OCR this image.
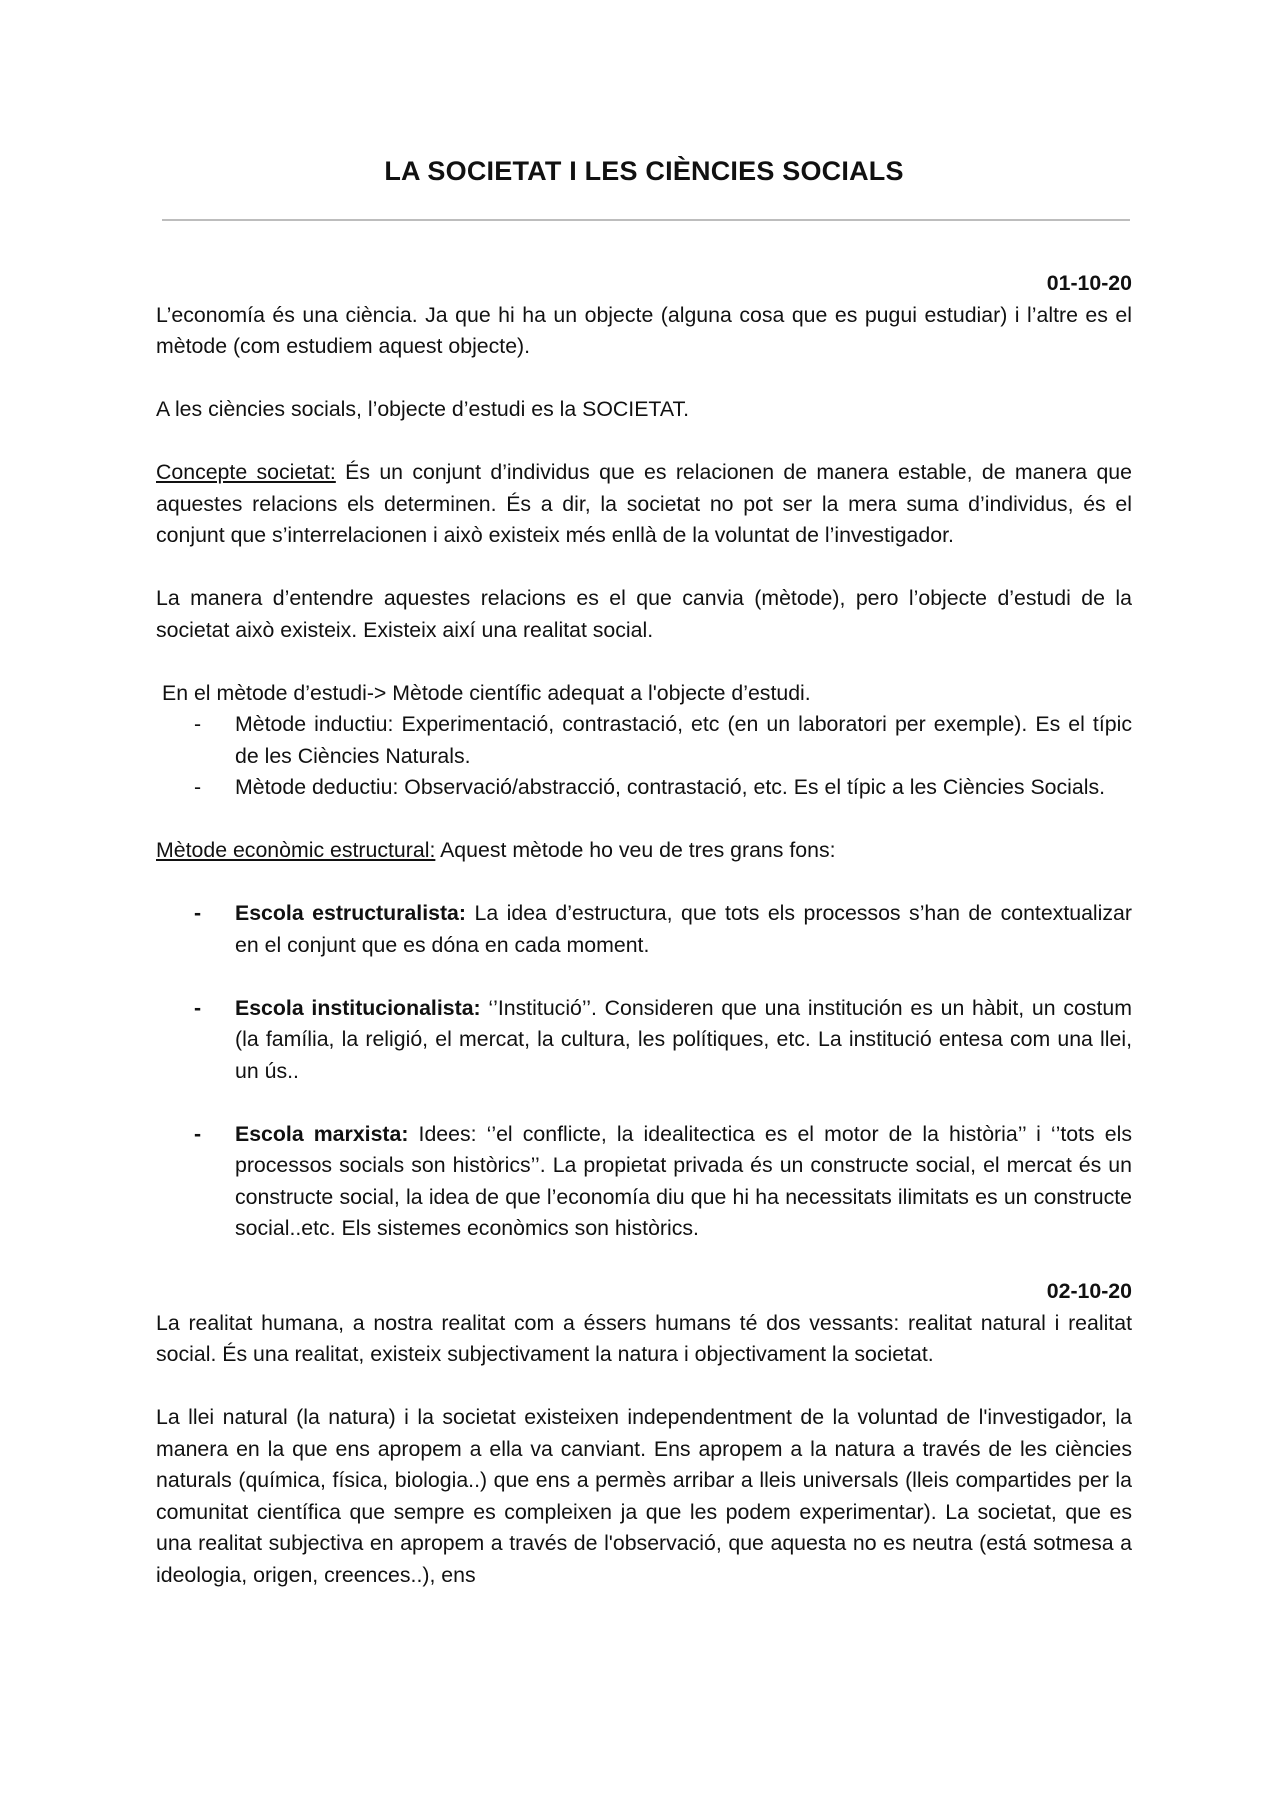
LA SOCIETAT I LES CIÈNCIES SOCIALS
01-10-20

L’economía és una ciència. Ja que hi ha un objecte (alguna cosa que es pugui estudiar) i l’altre es el mètode (com estudiem aquest objecte).

A les ciències socials, l’objecte d’estudi es la SOCIETAT.

Concepte societat: És un conjunt d’individus que es relacionen de manera estable, de manera que aquestes relacions els determinen. És a dir, la societat no pot ser la mera suma d’individus, és el conjunt que s’interrelacionen i això existeix més enllà de la voluntat de l’investigador.

La manera d’entendre aquestes relacions es el que canvia (mètode), pero l’objecte d’estudi de la societat això existeix. Existeix així una realitat social.

En el mètode d’estudi-> Mètode científic adequat a l'objecte d’estudi.

- Mètode inductiu: Experimentació, contrastació, etc (en un laboratori per exemple). Es el típic de les Ciències Naturals.
- Mètode deductiu: Observació/abstracció, contrastació, etc. Es el típic a les Ciències Socials.

Mètode econòmic estructural: Aquest mètode ho veu de tres grans fons:

- Escola estructuralista: La idea d’estructura, que tots els processos s’han de contextualizar en el conjunt que es dóna en cada moment.
- Escola institucionalista: ‘’Institució’’. Consideren que una institución es un hàbit, un costum (la família, la religió, el mercat, la cultura, les polítiques, etc. La institució entesa com una llei, un ús..
- Escola marxista: Idees: ‘’el conflicte, la idealitectica es el motor de la història’’ i ‘’tots els processos socials son històrics’’. La propietat privada és un constructe social, el mercat és un constructe social, la idea de que l’economía diu que hi ha necessitats ilimitats es un constructe social..etc. Els sistemes econòmics son històrics.
02-10-20

La realitat humana, a nostra realitat com a éssers humans té dos vessants: realitat natural i realitat social. És una realitat, existeix subjectivament la natura i objectivament la societat.

La llei natural (la natura) i la societat existeixen independentment de la voluntad de l'investigador, la manera en la que ens apropem a ella va canviant. Ens apropem a la natura a través de les ciències naturals (química, física, biologia..) que ens a permès arribar a lleis universals (lleis compartides per la comunitat científica que sempre es compleixen ja que les podem experimentar). La societat, que es una realitat subjectiva en apropem a través de l'observació, que aquesta no es neutra (está sotmesa a ideologia, origen, creences..), ens
